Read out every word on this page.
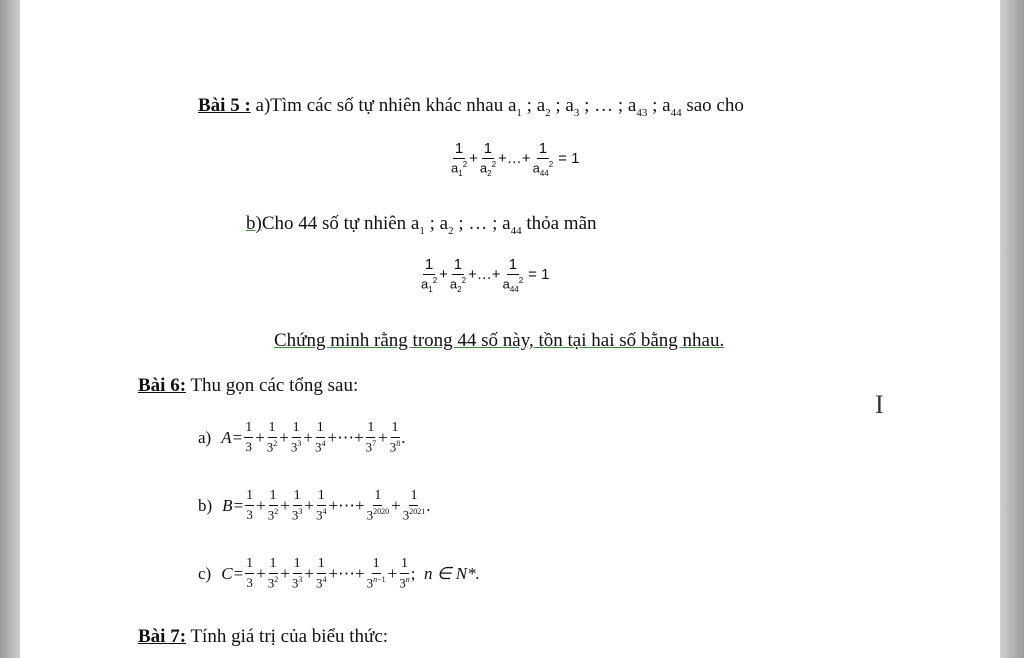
Bài 5 : a)Tìm các số tự nhiên khác nhau $a_1$ ; $a_2$ ; $a_3$ ; … ; $a_{43}$ ; $a_{44}$ sao cho
1
$a_1^2 + \frac{1}{a_2^2}$ +…+ $\frac{1}{a_{44}^2} = 1$
b)Cho 44 số tự nhiên $a_1$ ; $a_2$ ; … ; $a_{44}$ thỏa mãn
1
$a_1^2 + \frac{1}{a_2^2}$ +…+ $\frac{1}{a_{44}^2} = 1$
Chứng minh rằng trong 44 số này, tồn tại hai số bằng nhau.
Bài 6: Thu gọn các tổng sau:
a) $A = \frac{1}{3} + \frac{1}{3^2} + \frac{1}{3^3} + \frac{1}{3^4}$ +⋯+ $\frac{1}{3^7} + \frac{1}{3^8}$ .
b) $B = \frac{1}{3} + \frac{1}{3^2} + \frac{1}{3^3} + \frac{1}{3^4}$ +⋯+ $\frac{1}{3^{2020}} + \frac{1}{3^{2021}}$ .
c) $C = \frac{1}{3} + \frac{1}{3^2} + \frac{1}{3^3} + \frac{1}{3^4}$ +⋯+ $\frac{1}{3^{n-1}} + \frac{1}{3^n}$ ; n ∈ N*.
Bài 7: Tính giá trị của biểu thức:
I
